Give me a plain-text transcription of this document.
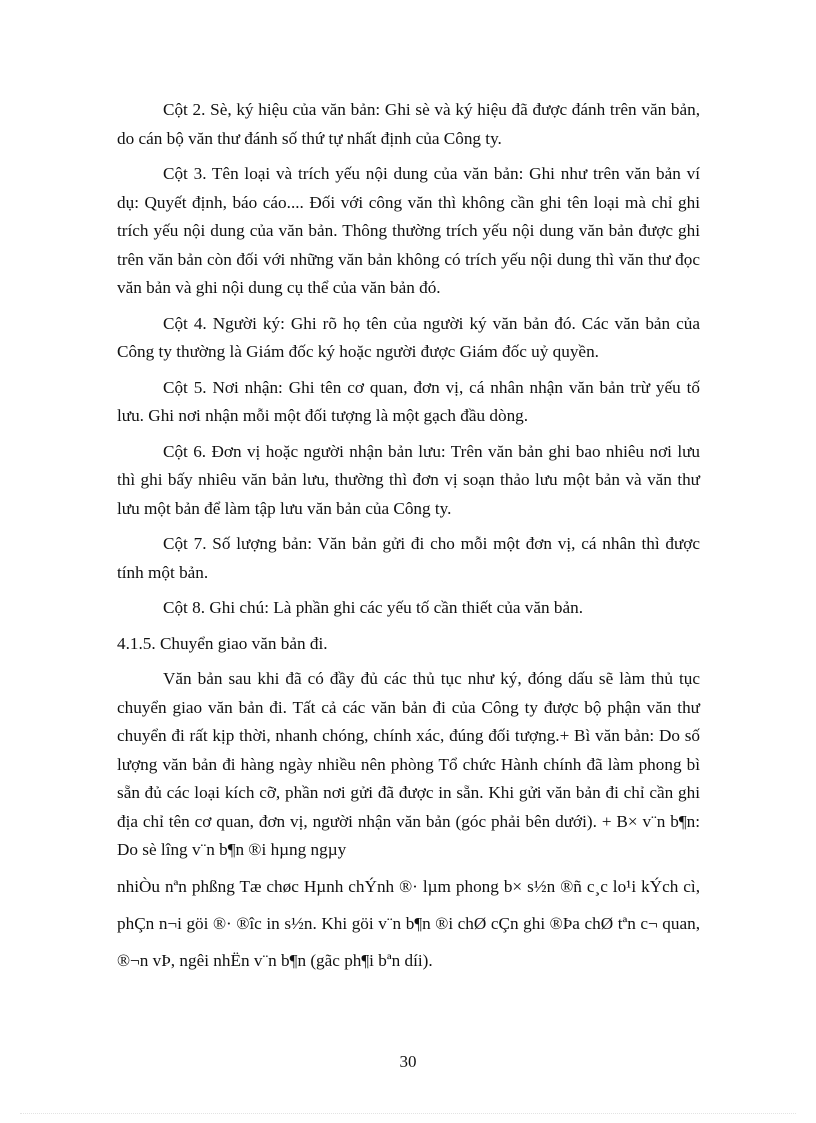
Cột 2. Sè, ký hiệu của văn bản: Ghi sè và ký hiệu đã được đánh trên văn bản, do cán bộ văn thư đánh số thứ tự nhất định của Công ty.

Cột 3. Tên loại và trích yếu nội dung của văn bản: Ghi như trên văn bản ví dụ: Quyết định, báo cáo.... Đối với công văn thì không cần ghi tên loại mà chỉ ghi trích yếu nội dung của văn bản. Thông thường trích yếu nội dung văn bản được ghi trên văn bản còn đối với những văn bản không có trích yếu nội dung thì văn thư đọc văn bản và ghi nội dung cụ thể của văn bản đó.

Cột 4. Người ký: Ghi rõ họ tên của người ký văn bản đó. Các văn bản của Công ty thường là Giám đốc ký hoặc người được Giám đốc uỷ quyền.

Cột 5. Nơi nhận: Ghi tên cơ quan, đơn vị, cá nhân nhận văn bản trừ yếu tố lưu. Ghi nơi nhận mỗi một đối tượng là một gạch đầu dòng.

Cột 6. Đơn vị hoặc người nhận bản lưu: Trên văn bản ghi bao nhiêu nơi lưu thì ghi bấy nhiêu văn bản lưu, thường thì đơn vị soạn thảo lưu một bản và văn thư lưu một bản để làm tập lưu văn bản của Công ty.

Cột 7. Số lượng bản: Văn bản gửi đi cho mỗi một đơn vị, cá nhân thì được tính một bản.

Cột 8. Ghi chú: Là phần ghi các yếu tố cần thiết của văn bản.

4.1.5. Chuyển giao văn bản đi.

Văn bản sau khi đã có đầy đủ các thủ tục như ký, đóng dấu sẽ làm thủ tục chuyển giao văn bản đi. Tất cả các văn bản đi của Công ty được bộ phận văn thư chuyển đi rất kịp thời, nhanh chóng, chính xác, đúng đối tượng.+ Bì văn bản: Do số lượng văn bản đi hàng ngày nhiều nên phòng Tổ chức Hành chính đã làm phong bì sẵn đủ các loại kích cỡ, phần nơi gửi đã được in sẵn. Khi gửi văn bản đi chỉ cần ghi địa chỉ tên cơ quan, đơn vị, người nhận văn bản (góc phải bên dưới). + B× v¨n b¶n: Do sè lîng v¨n b¶n ®i hµng ngµy

nhiÒu nªn phßng Tæ chøc Hµnh chÝnh ®· lµm phong b× s½n ®ñ c¸c lo¹i kÝch cì, phÇn n¬i göi ®· ®îc in s½n. Khi göi v¨n b¶n ®i chØ cÇn ghi ®Þa chØ tªn c¬ quan, ®¬n vÞ, ngêi nhËn v¨n b¶n (gãc ph¶i bªn díi).
30
